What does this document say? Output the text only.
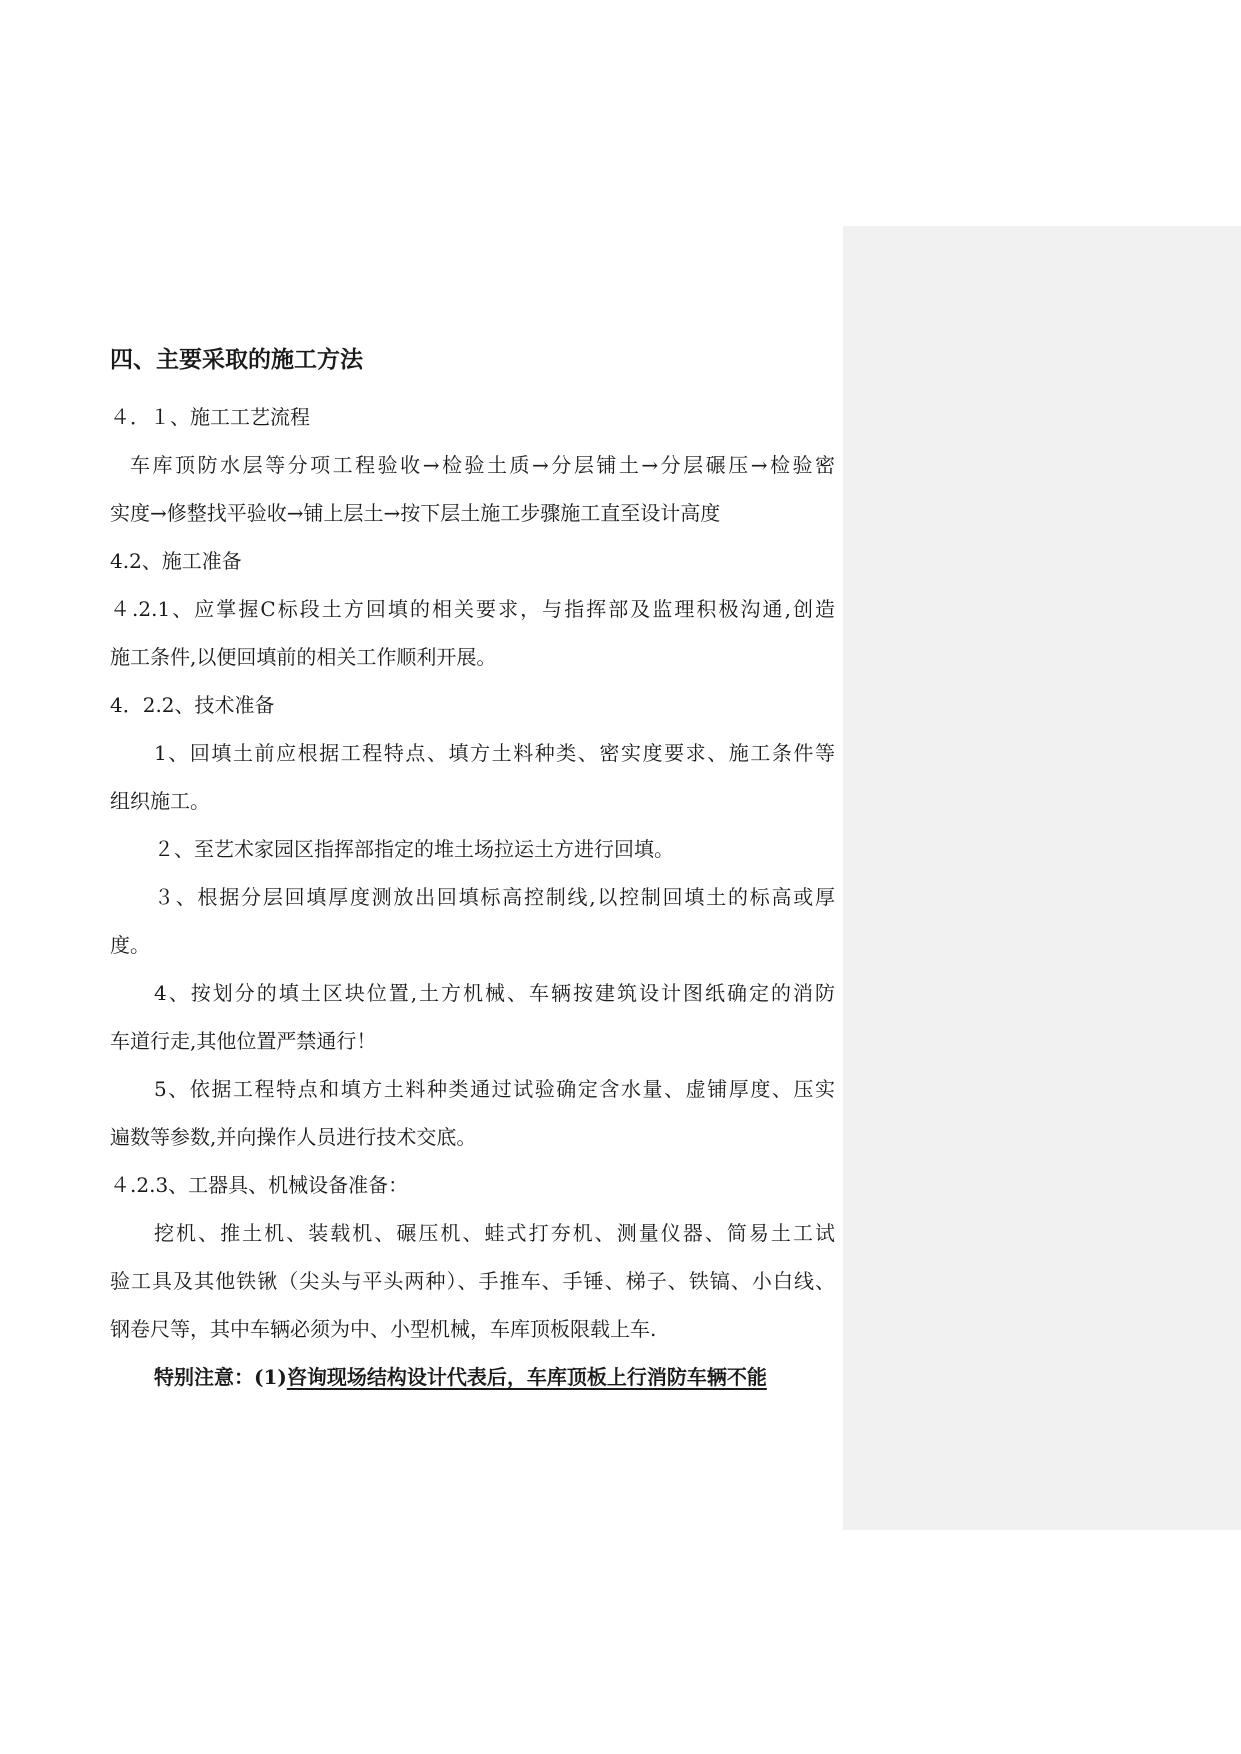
四、主要采取的施工方法
４．１、施工工艺流程
车库顶防水层等分项工程验收→检验土质→分层铺土→分层碾压→检验密
实度→修整找平验收→铺上层土→按下层土施工步骤施工直至设计高度
4.2、施工准备
４.2.1、应掌握C标段土方回填的相关要求，与指挥部及监理积极沟通,创造
施工条件,以便回填前的相关工作顺利开展。
4．2.2、技术准备
1、回填土前应根据工程特点、填方土料种类、密实度要求、施工条件等
组织施工。
２、至艺术家园区指挥部指定的堆土场拉运土方进行回填。
３、根据分层回填厚度测放出回填标高控制线,以控制回填土的标高或厚
度。
4、按划分的填土区块位置,土方机械、车辆按建筑设计图纸确定的消防
车道行走,其他位置严禁通行！
5、依据工程特点和填方土料种类通过试验确定含水量、虚铺厚度、压实
遍数等参数,并向操作人员进行技术交底。
４.2.3、工器具、机械设备准备：
挖机、推土机、装载机、碾压机、蛙式打夯机、测量仪器、简易土工试
验工具及其他铁锹（尖头与平头两种）、手推车、手锤、梯子、铁镐、小白线、
钢卷尺等，其中车辆必须为中、小型机械，车库顶板限载上车.
特别注意：(1)咨询现场结构设计代表后，车库顶板上行消防车辆不能
